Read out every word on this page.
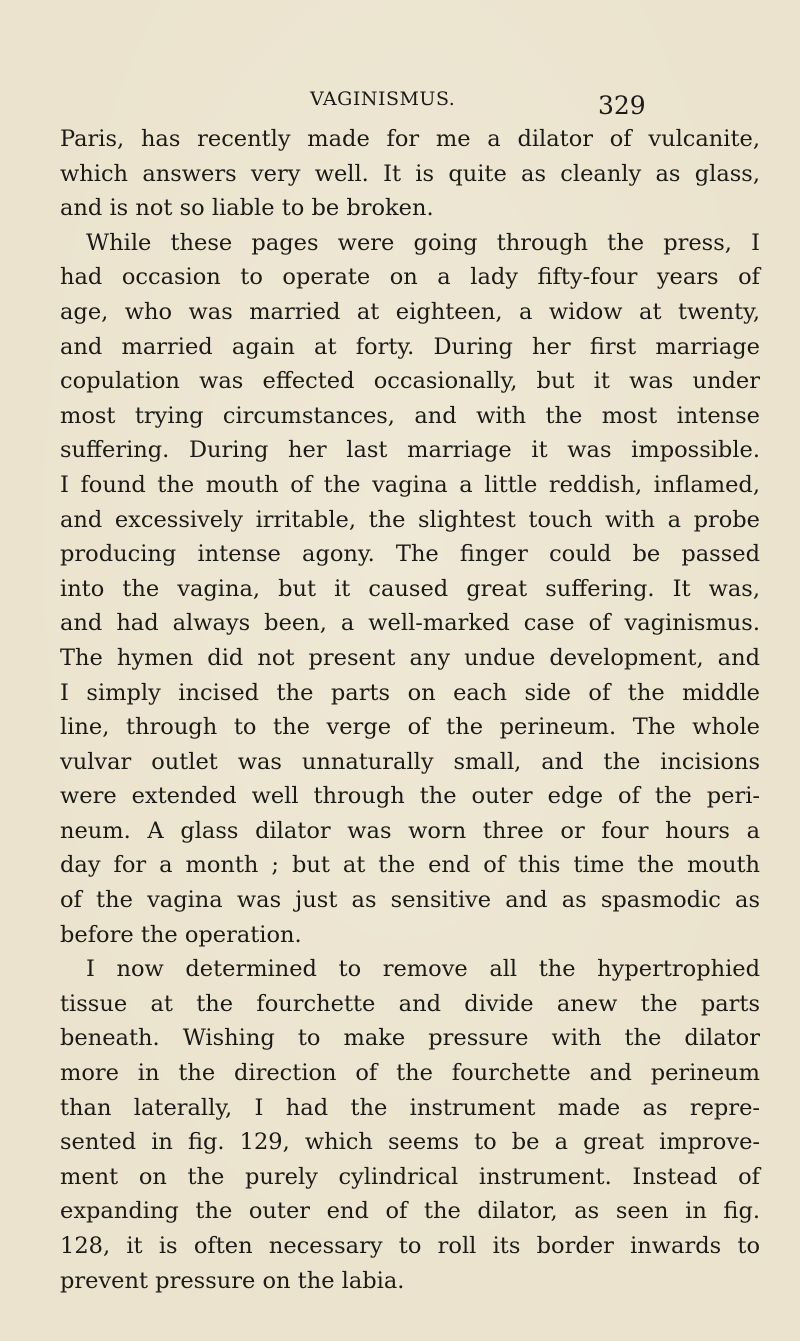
VAGINISMUS.	329
Paris, has recently made for me a dilator of vulcanite,
which answers very well. It is quite as cleanly as glass,
and is not so liable to be broken.
While these pages were going through the press, I
had occasion to operate on a lady fifty-four years of
age, who was married at eighteen, a widow at twenty,
and married again at forty. During her first marriage
copulation was effected occasionally, but it was under
most trying circumstances, and with the most intense
suffering. During her last marriage it was impossible.
I found the mouth of the vagina a little reddish, inflamed,
and excessively irritable, the slightest touch with a probe
producing intense agony. The finger could be passed
into the vagina, but it caused great suffering. It was,
and had always been, a well-marked case of vaginismus.
The hymen did not present any undue development, and
I simply incised the parts on each side of the middle
line, through to the verge of the perineum. The whole
vulvar outlet was unnaturally small, and the incisions
were extended well through the outer edge of the peri-
neum. A glass dilator was worn three or four hours a
day for a month ; but at the end of this time the mouth
of the vagina was just as sensitive and as spasmodic as
before the operation.
I now determined to remove all the hypertrophied
tissue at the fourchette and divide anew the parts
beneath. Wishing to make pressure with the dilator
more in the direction of the fourchette and perineum
than laterally, I had the instrument made as repre-
sented in fig. 129, which seems to be a great improve-
ment on the purely cylindrical instrument. Instead of
expanding the outer end of the dilator, as seen in fig.
128, it is often necessary to roll its border inwards to
prevent pressure on the labia.
